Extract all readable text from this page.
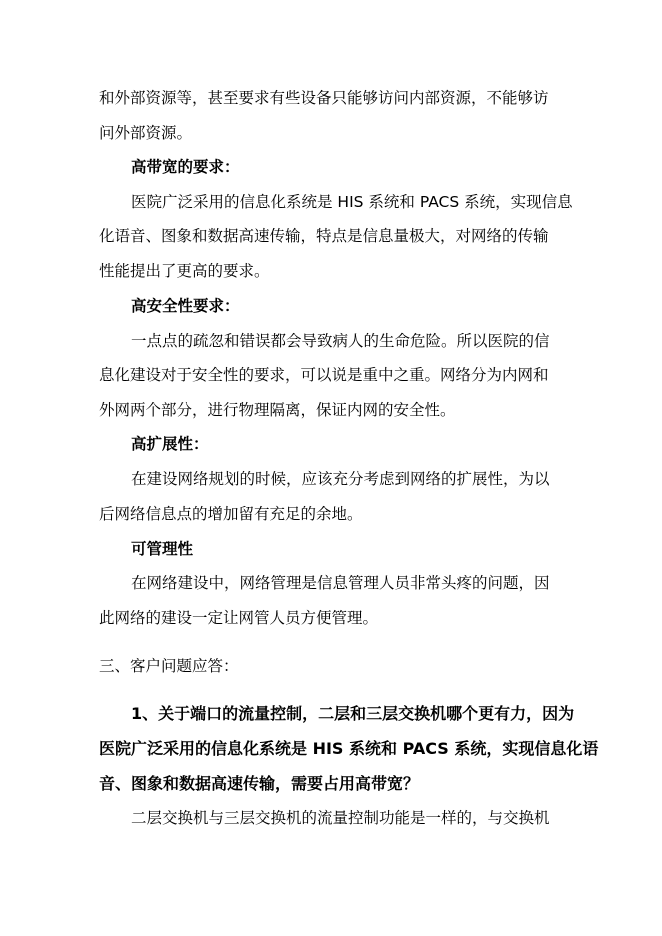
和外部资源等，甚至要求有些设备只能够访问内部资源，不能够访
问外部资源。
高带宽的要求：
医院广泛采用的信息化系统是 HIS 系统和 PACS 系统，实现信息
化语音、图象和数据高速传输，特点是信息量极大，对网络的传输
性能提出了更高的要求。
高安全性要求：
一点点的疏忽和错误都会导致病人的生命危险。所以医院的信
息化建设对于安全性的要求，可以说是重中之重。网络分为内网和
外网两个部分，进行物理隔离，保证内网的安全性。
高扩展性：
在建设网络规划的时候，应该充分考虑到网络的扩展性，为以
后网络信息点的增加留有充足的余地。
可管理性
在网络建设中，网络管理是信息管理人员非常头疼的问题，因
此网络的建设一定让网管人员方便管理。
三、客户问题应答：
1、关于端口的流量控制，二层和三层交换机哪个更有力，因为
医院广泛采用的信息化系统是 HIS 系统和 PACS 系统，实现信息化语
音、图象和数据高速传输，需要占用高带宽？
二层交换机与三层交换机的流量控制功能是一样的，与交换机
